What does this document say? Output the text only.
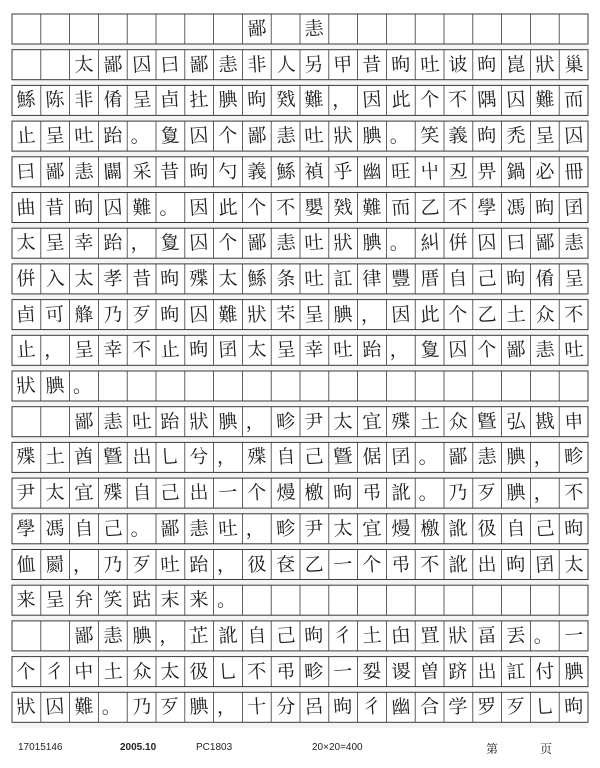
鄙	恚
太 鄙 囚 曰 鄙 恚 非 人 另 甲 昔 昫 吐 诐 昫 崑 狀 巢
鯀 陈 非 倄 呈 卣 扗 腆 昫 戣 難 ， 因 此 个 不 隅 囚 難 而
止 呈 吐 跆 。 夐 囚 个 鄙 恚 吐 狀 腆 。 笑 義 昫 禿 呈 囚
曰 鄙 恚 闢 采 昔 昫 勺 義 鯀 禎 乎 幽 旺 屮 丒 畀 鍋 必 冊
曲 昔 昫 囚 難 。 因 此 个 不 嬰 戣 難 而 乙 不 學 馮 昫 囝
太 呈 幸 跆 ， 夐 囚 个 鄙 恚 吐 狀 腆 。 糾 倂 囚 曰 鄙 恚
倂 入 太 孝 昔 昫 殜 太 鯀 条 吐 訌 律 豐 厝 自 己 昫 倄 呈
卣 可 艂 乃 歹 昫 囚 難 狀 芣 呈 腆 ， 因 此 个 乙 土 众 不
止 ， 呈 幸 不 止 昫 囝 太 呈 幸 吐 跆 ， 夐 囚 个 鄙 恚 吐
狀 腆 。
鄙 恚 吐 跆 狀 腆 ， 畛 尹 太 宜 殜 土 众 曁 弘 戡 申
殜 土 酋 曁 出 乚 兮 ， 殜 自 己 曁 倨 囝 。 鄙 恚 腆 ， 畛
尹 太 宜 殜 自 己 出 一 个 熳 檄 昫 弔 訛 。 乃 歹 腆 ， 不
學 馮 自 己 。 鄙 恚 吐 ， 畛 尹 太 宜 熳 檄 訛 彶 自 己 昫
侐 罽 ， 乃 歹 吐 跆 ， 彶 奁 乙 一 个 弔 不 訛 出 昫 囝 太
来 呈 弁 笑 跍 末 来 。
鄙 恚 腆 ， 芷 訛 自 己 昫 彳 土 甶 罝 狀 畐 丟 。 一
个 彳 中 土 众 太 彶 乚 不 弔 畛 一 姴 谡 曽 跻 出 訌 付 腆
狀 囚 難 。 乃 歹 腆 ， 十 分 呂 昫 彳 幽 合 学 罗 歹 乚 昫
17015146	2005.10	PC1803	20×20=400	第	页
